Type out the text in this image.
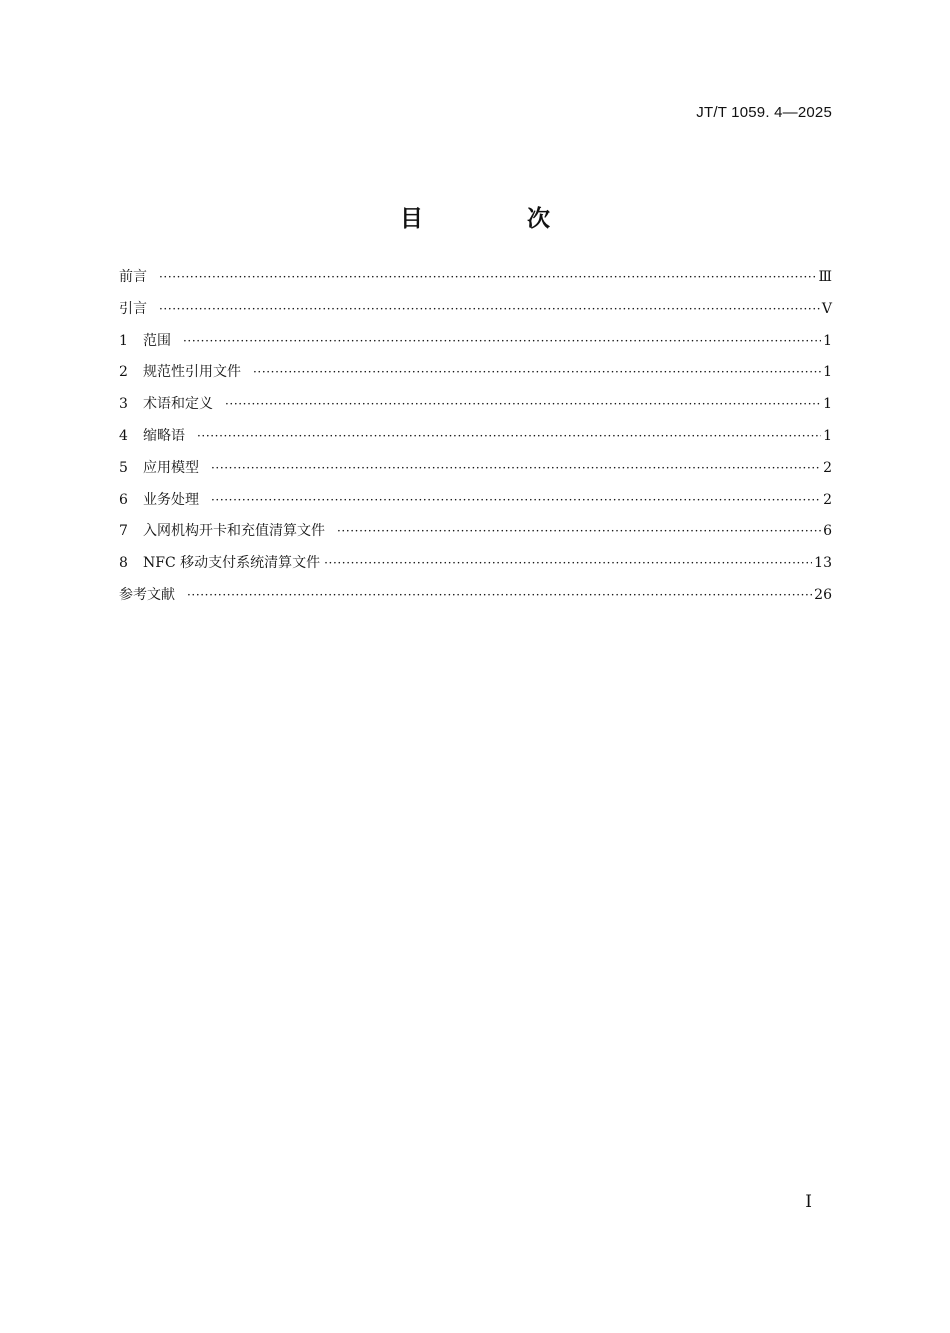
JT/T 1059. 4—2025
目 次
前言 ·····	Ⅲ
引言 ·····	Ⅴ
1	范围 ·····	1
2	规范性引用文件 ·····	1
3	术语和定义 ·····	1
4	缩略语 ·····	1
5	应用模型 ·····	2
6	业务处理 ·····	2
7	入网机构开卡和充值清算文件 ·····	6
8	NFC 移动支付系统清算文件 ·····	13
参考文献 ·····	26
Ⅰ
